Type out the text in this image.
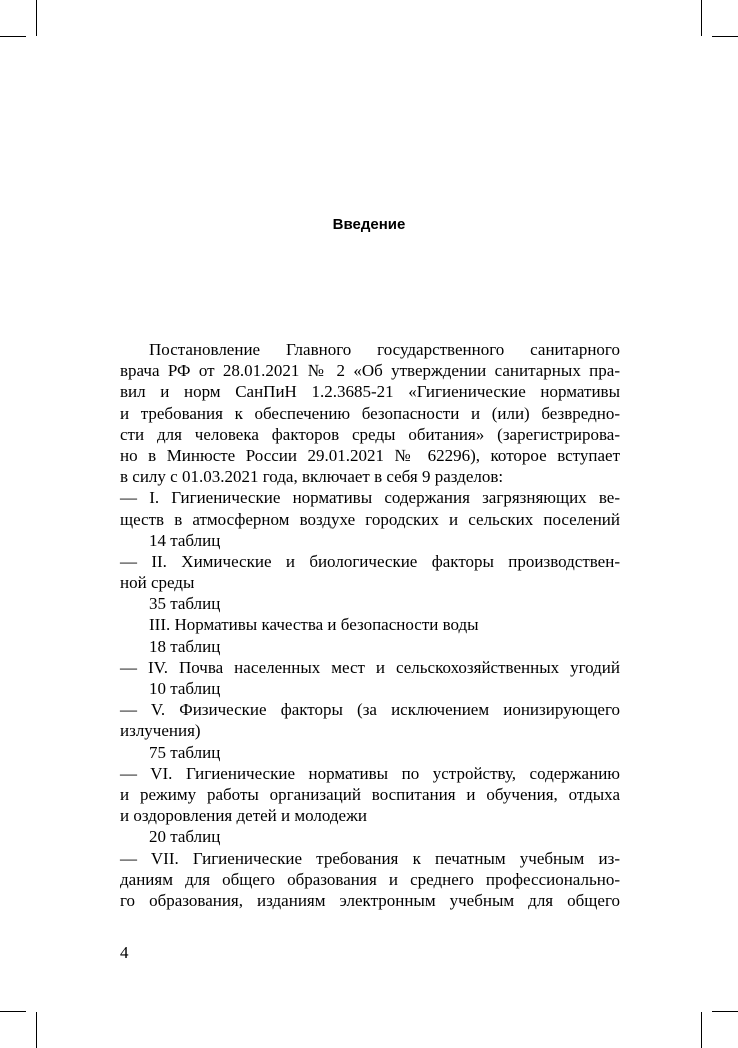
Введение
Постановление Главного государственного санитарного
врача РФ от 28.01.2021 № 2 «Об утверждении санитарных пра-
вил и норм СанПиН 1.2.3685-21 «Гигиенические нормативы
и требования к обеспечению безопасности и (или) безвредно-
сти для человека факторов среды обитания» (зарегистрирова-
но в Минюсте России 29.01.2021 № 62296), которое вступает
в силу с 01.03.2021 года, включает в себя 9 разделов:
— I. Гигиенические нормативы содержания загрязняющих ве-
ществ в атмосферном воздухе городских и сельских поселений
14 таблиц
— II. Химические и биологические факторы производствен-
ной среды
35 таблиц
III. Нормативы качества и безопасности воды
18 таблиц
— IV. Почва населенных мест и сельскохозяйственных угодий
10 таблиц
— V. Физические факторы (за исключением ионизирующего
излучения)
75 таблиц
— VI. Гигиенические нормативы по устройству, содержанию
и режиму работы организаций воспитания и обучения, отдыха
и оздоровления детей и молодежи
20 таблиц
— VII. Гигиенические требования к печатным учебным из-
даниям для общего образования и среднего профессионально-
го образования, изданиям электронным учебным для общего
4
